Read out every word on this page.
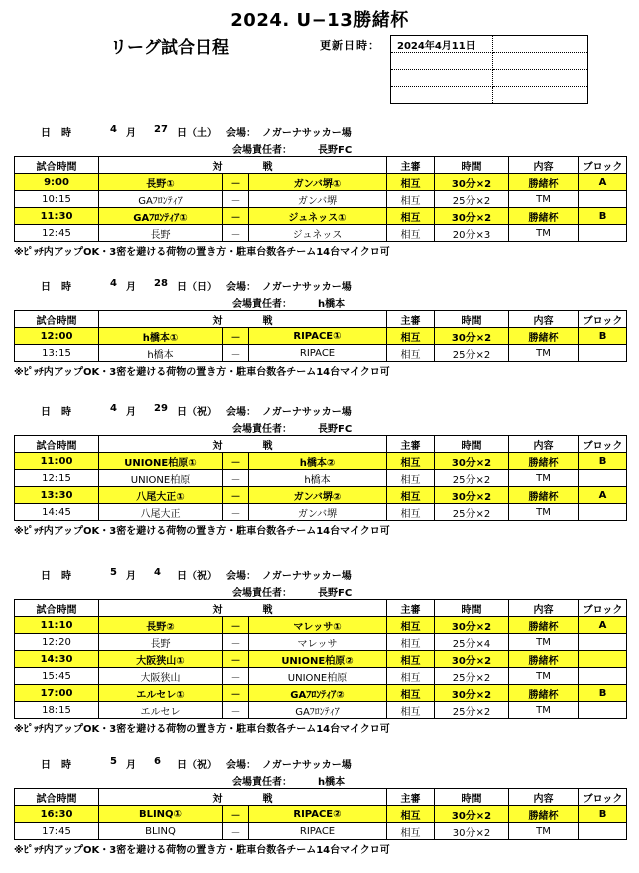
2024. U−13勝緒杯
リーグ試合日程	更新日時： 2024年4月11日	

日　時	4 月 27 日 （土） 会場： ノガーナサッカー場
会場責任者：	長野FC
試合時間	対　　　　戦			主審	時間	内容	ブロック
9:00	長野①	－	ガンバ堺①	相互	30分×2	勝緒杯	A
10:15	GAﾌﾛﾝﾃｨｱ	－	ガンバ堺	相互	25分×2	TM	
11:30	GAﾌﾛﾝﾃｨｱ①	－	ジュネッス①	相互	30分×2	勝緒杯	B
12:45	長野	－	ジュネッス	相互	20分×3	TM	
※ﾋﾟｯﾁ内アップOK・3密を避ける荷物の置き方・駐車台数各チーム14台マイクロ可
日　時	4 月 28 日 （日） 会場： ノガーナサッカー場
会場責任者：	h橋本
試合時間	対　　　　戦			主審	時間	内容	ブロック
12:00	h橋本①	－	RIPACE①	相互	30分×2	勝緒杯	B
13:15	h橋本	－	RIPACE	相互	25分×2	TM	
※ﾋﾟｯﾁ内アップOK・3密を避ける荷物の置き方・駐車台数各チーム14台マイクロ可
日　時	4 月 29 日 （祝） 会場： ノガーナサッカー場
会場責任者：	長野FC
試合時間	対　　　　戦			主審	時間	内容	ブロック
11:00	UNIONE柏原①	－	h橋本②	相互	30分×2	勝緒杯	B
12:15	UNIONE柏原	－	h橋本	相互	25分×2	TM	
13:30	八尾大正①	－	ガンバ堺②	相互	30分×2	勝緒杯	A
14:45	八尾大正	－	ガンバ堺	相互	25分×2	TM	
※ﾋﾟｯﾁ内アップOK・3密を避ける荷物の置き方・駐車台数各チーム14台マイクロ可
日　時	5 月 4 日 （祝） 会場： ノガーナサッカー場
会場責任者：	長野FC
試合時間	対　　　　戦			主審	時間	内容	ブロック
11:10	長野②	－	マレッサ①	相互	30分×2	勝緒杯	A
12:20	長野	－	マレッサ	相互	25分×4	TM	
14:30	大阪狭山①	－	UNIONE柏原②	相互	30分×2	勝緒杯	
15:45	大阪狭山	－	UNIONE柏原	相互	25分×2	TM	
17:00	エルセレ①	－	GAﾌﾛﾝﾃｨｱ②	相互	30分×2	勝緒杯	B
18:15	エルセレ	－	GAﾌﾛﾝﾃｨｱ	相互	25分×2	TM	
※ﾋﾟｯﾁ内アップOK・3密を避ける荷物の置き方・駐車台数各チーム14台マイクロ可
日　時	5 月 6 日 （祝） 会場： ノガーナサッカー場
会場責任者：	h橋本
試合時間	対　　　　戦			主審	時間	内容	ブロック
16:30	BLINQ①	－	RIPACE②	相互	30分×2	勝緒杯	B
17:45	BLINQ	－	RIPACE	相互	30分×2	TM	
※ﾋﾟｯﾁ内アップOK・3密を避ける荷物の置き方・駐車台数各チーム14台マイクロ可
